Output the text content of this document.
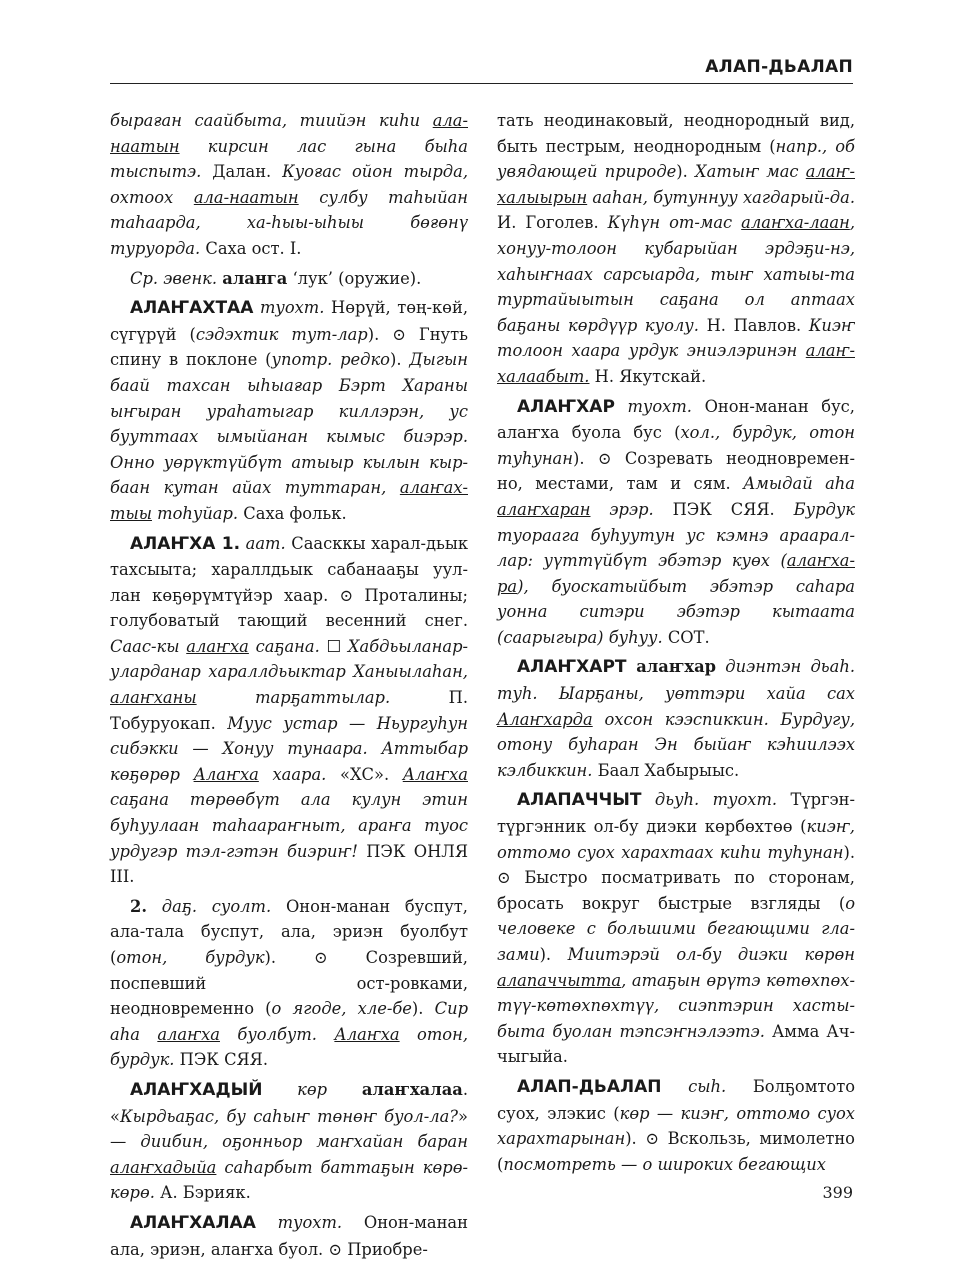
АЛАП-ДЬАЛАП

быраған саайбыта, тиийэн киһи ала-наатын кирсин лас гына быһа тыспытэ. Далан. Куоғас ойон тырда, охтоох ала-наатын сулбу таһыйан таһаарда, ха-һыы-ыһыы бөғөнү туруорда. Саха ост. I.

Ср. эвенк. аланга ‘лук’ (оружие).

АЛАҤАХТАА туохт. Нөрүй, төң-көй, сүгүрүй (сэдэхтик тут-лар). ⊙ Гнуть спину в поклоне (употр. редко). Дыгын баай тахсан ыһыағар Бэрт Хараны ыҥыран ураһатыгар киллэрэн, ус бууттаах ымыйанан кымыс биэрэр. Онно уөрүктүйбүт атыыр кылын кыр-баан кутан айах туттаран, алаҥах-тыы тоһуйар. Саха фольк.

АЛАҤХА 1. аат. Саасккы харал-дьык тахсыыта; хараллдьык сабанааҕы уул-лан көҕөрүмтүйэр хаар. ⊙ Проталины; голубоватый тающий весенний снег. Саас-кы алаҥха саҕана. ☐ Хабдьыланар-уларданар хараллдьыктар Ханыылаһан, алаҥханы тарҕаттылар. П. Тобуруокап. Муус устар — Ньургуһун сибэкки — Хонуу тунаара. Аттыбар көҕөрөр Алаҥха хаара. «ХС». Алаҥха саҕана төрөөбүт ала кулун этин буһуулаан таһаараҥныт, араҥа туос урдугэр тэл-гэтэн биэриҥ! ПЭК ОНЛЯ III.

2. даҕ. суолт. Онон-манан буспут, ала-тала буспут, ала, эриэн буолбут (отон, бурдук). ⊙ Созревший, поспевший ост-ровками, неодновременно (о ягоде, хле-бе). Сир аһа алаҥха буолбут. Алаҥха отон, бурдук. ПЭК СЯЯ.

АЛАҤХАДЫЙ көр алаҥхалаа. «Кырдьаҕас, бу саһыҥ төнөҥ буол-ла?» — диибин, оҕонньор маҥхайан баран алаҥхадыйа саһарбыт баттаҕын көрө-көрө. А. Бэрияк.

АЛАҤХАЛАА туохт. Онон-манан ала, эриэн, алаҥха буол. ⊙ Приобре-

тать неодинаковый, неоднородный вид, быть пестрым, неоднородным (напр., об увядающей природе). Хатыҥ мас алаҥ-халыырын ааһан, бутуннуу хагдарый-да. И. Гоголев. Күһүн от-мас алаҥха-лаан, хонуу-толоон кубарыйан эрдэҕи-нэ, хаһыҥнаах сарсыарда, тыҥ хатыы-та туртайыытын саҕана ол аптаах баҕаны көрдүүр куолу. Н. Павлов. Киэҥ толоон хаара урдук эниэлэринэн алаҥ-халаабыт. Н. Якутскай.

АЛАҤХАР туохт. Онон-манан бус, алаҥха буола бус (хол., бурдук, отон туһунан). ⊙ Созревать неодновремен-но, местами, там и сям. Амыдай аһа алаҥхаран эрэр. ПЭК СЯЯ. Бурдук туораага буһуутун ус кэмнэ араарал-лар: уүттүйбүт эбэтэр куөх (алаҥха-ра), буоскатыйбыт эбэтэр саһара уонна ситэри эбэтэр кытаата (саарыгыра) буһуу. СОТ.

АЛАҤХАРТ алаҥхар диэнтэн дьаһ. туһ. Ыарҕаны, уөттэри хайа сах Алаҥхарда охсон кээспиккин. Бурдугу, отону буһаран Эн быйаҥ кэһиилээх кэлбиккин. Баал Хабырыыс.

АЛАПАЧЧЫТ дьуһ. туохт. Түргэн-түргэнник ол-бу диэки көрбөхтөө (киэҥ, оттомо суох харахтаах киһи туһунан). ⊙ Быстро посматривать по сторонам, бросать вокруг быстрые взгляды (о человеке с большими бегающими гла-зами). Миитэрэй ол-бу диэки көрөн алапаччытта, атаҕын өрүтэ көтөхпөх-түү-көтөхпөхтүү, сиэптэрин хасты-быта буолан тэпсэҥнэлээтэ. Амма Ач-чыгыйа.

АЛАП-ДЬАЛАП сыһ. Болҕомтото суох, элэкис (көр — киэҥ, оттомо суох харахтарынан). ⊙ Вскользь, мимолетно (посмотреть — о широких бегающих

399
